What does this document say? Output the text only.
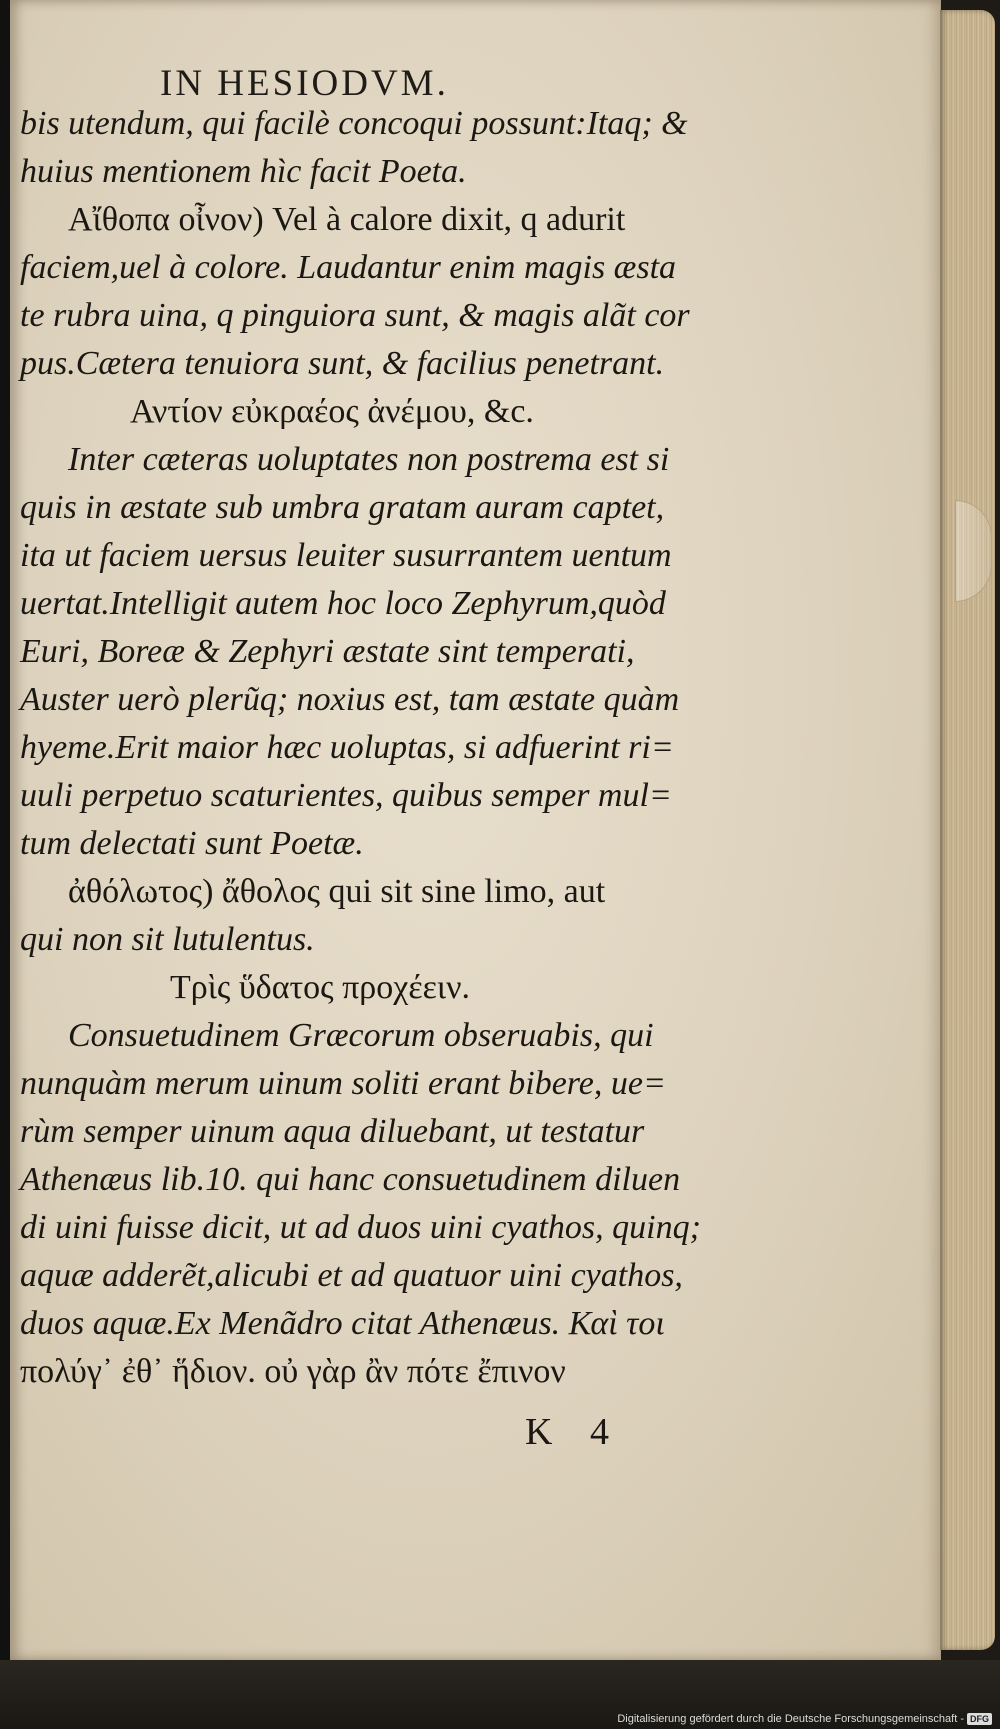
IN HESIODVM.
bis utendum, qui facilè concoqui possunt:Itaq; &
huius mentionem hìc facit Poeta.
Αἴθοπα οἶνον) Vel à calore dixit, q adurit
faciem,uel à colore. Laudantur enim magis æsta
te rubra uina, q pinguiora sunt, & magis alãt cor
pus.Cætera tenuiora sunt, & facilius penetrant.
Αντίον εὐκραέος ἀνέμου, &c.
Inter cæteras uoluptates non postrema est si
quis in æstate sub umbra gratam auram captet,
ita ut faciem uersus leuiter susurrantem uentum
uertat.Intelligit autem hoc loco Zephyrum,quòd
Euri, Boreæ & Zephyri æstate sint temperati,
Auster uerò plerũq; noxius est, tam æstate quàm
hyeme.Erit maior hæc uoluptas, si adfuerint ri=
uuli perpetuo scaturientes, quibus semper mul=
tum delectati sunt Poetæ.
ἀθόλωτος) ἄθολος qui sit sine limo, aut
qui non sit lutulentus.
Τρὶς ὕδατος προχέειν.
Consuetudinem Græcorum obseruabis, qui
nunquàm merum uinum soliti erant bibere, ue=
rùm semper uinum aqua diluebant, ut testatur
Athenæus lib.10. qui hanc consuetudinem diluen
di uini fuisse dicit, ut ad duos uini cyathos, quinq;
aquæ adderẽt,alicubi et ad quatuor uini cyathos,
duos aquæ.Ex Menãdro citat Athenæus. Καὶ τοι
πολύγ᾽ ἐθ᾽ ἥδιον. οὐ γὰρ ἂν πότε ἔπινον
K 4
Digitalisierung gefördert durch die Deutsche Forschungsgemeinschaft - DFG
